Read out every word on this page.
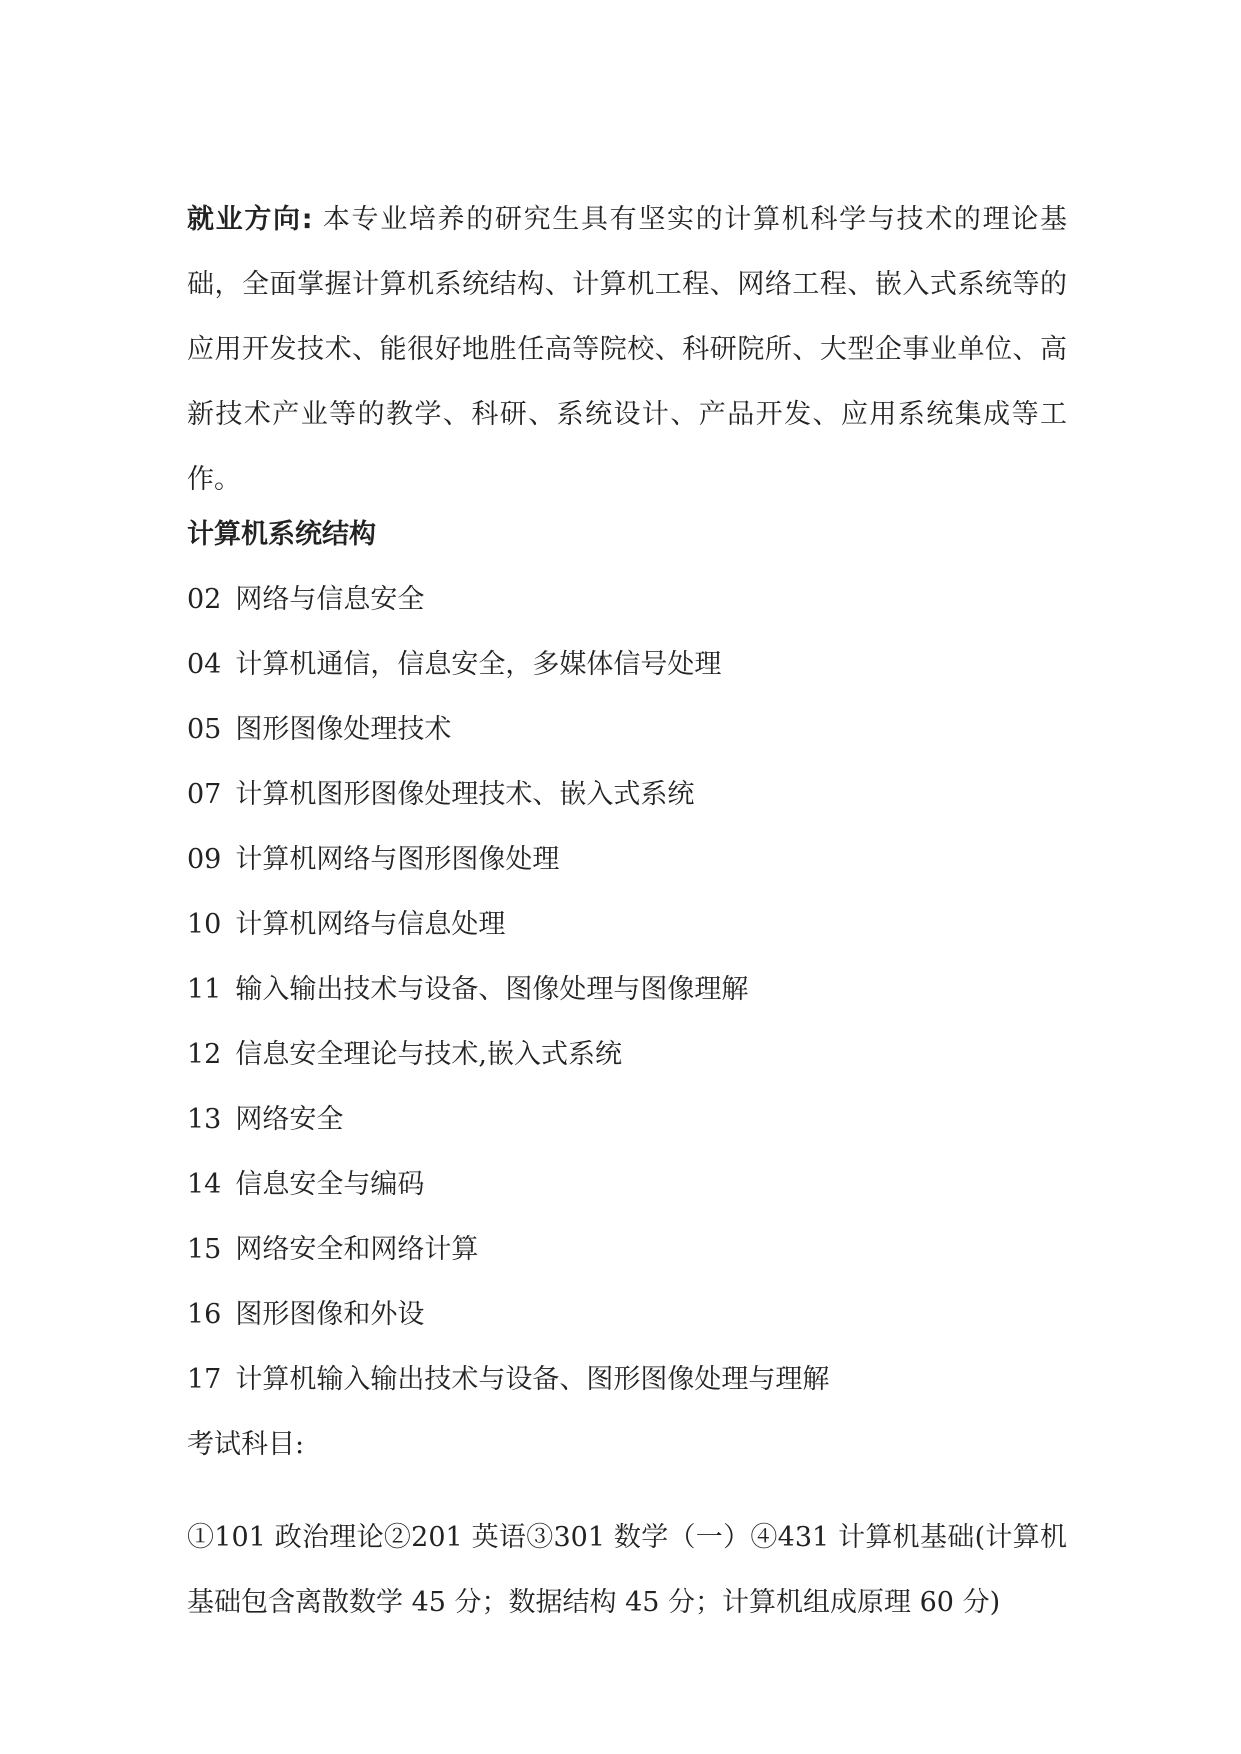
就业方向: 本专业培养的研究生具有坚实的计算机科学与技术的理论基础，全面掌握计算机系统结构、计算机工程、网络工程、嵌入式系统等的应用开发技术、能很好地胜任高等院校、科研院所、大型企事业单位、高新技术产业等的教学、科研、系统设计、产品开发、应用系统集成等工作。

计算机系统结构
02 网络与信息安全
04 计算机通信，信息安全，多媒体信号处理
05 图形图像处理技术
07 计算机图形图像处理技术、嵌入式系统
09 计算机网络与图形图像处理
10 计算机网络与信息处理
11 输入输出技术与设备、图像处理与图像理解
12 信息安全理论与技术,嵌入式系统
13 网络安全
14 信息安全与编码
15 网络安全和网络计算
16 图形图像和外设
17 计算机输入输出技术与设备、图形图像处理与理解
考试科目:

①101 政治理论②201 英语③301 数学（一）④431 计算机基础(计算机基础包含离散数学 45 分；数据结构 45 分；计算机组成原理 60 分)
